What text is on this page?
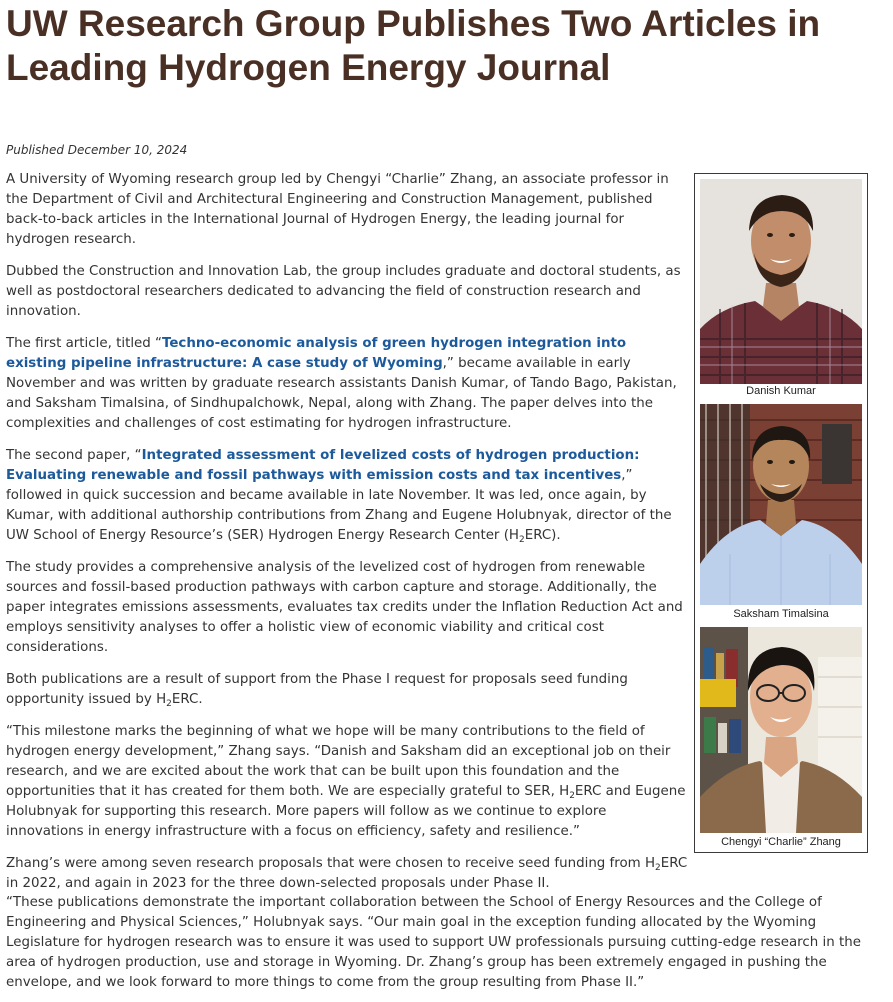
UW Research Group Publishes Two Articles in Leading Hydrogen Energy Journal
Published December 10, 2024

A University of Wyoming research group led by Chengyi “Charlie” Zhang, an associate professor in the Department of Civil and Architectural Engineering and Construction Management, published back-to-back articles in the International Journal of Hydrogen Energy, the leading journal for hydrogen research.

Dubbed the Construction and Innovation Lab, the group includes graduate and doctoral students, as well as postdoctoral researchers dedicated to advancing the field of construction research and innovation.

The first article, titled “Techno-economic analysis of green hydrogen integration into existing pipeline infrastructure: A case study of Wyoming,” became available in early November and was written by graduate research assistants Danish Kumar, of Tando Bago, Pakistan, and Saksham Timalsina, of Sindhupalchowk, Nepal, along with Zhang. The paper delves into the complexities and challenges of cost estimating for hydrogen infrastructure.

The second paper, “Integrated assessment of levelized costs of hydrogen production: Evaluating renewable and fossil pathways with emission costs and tax incentives,” followed in quick succession and became available in late November. It was led, once again, by Kumar, with additional authorship contributions from Zhang and Eugene Holubnyak, director of the UW School of Energy Resource’s (SER) Hydrogen Energy Research Center $(H_2ERC)$.

The study provides a comprehensive analysis of the levelized cost of hydrogen from renewable sources and fossil-based production pathways with carbon capture and storage. Additionally, the paper integrates emissions assessments, evaluates tax credits under the Inflation Reduction Act and employs sensitivity analyses to offer a holistic view of economic viability and critical cost considerations.

Both publications are a result of support from the Phase I request for proposals seed funding opportunity issued by $H_2ERC$.

“This milestone marks the beginning of what we hope will be many contributions to the field of hydrogen energy development,” Zhang says. “Danish and Saksham did an exceptional job on their research, and we are excited about the work that can be built upon this foundation and the opportunities that it has created for them both. We are especially grateful to SER, $H_2ERC$ and Eugene Holubnyak for supporting this research. More papers will follow as we continue to explore innovations in energy infrastructure with a focus on efficiency, safety and resilience.”

Zhang’s were among seven research proposals that were chosen to receive seed funding from $H_2ERC$ in 2022, and again in 2023 for the three down-selected proposals under Phase II.

“These publications demonstrate the important collaboration between the School of Energy Resources and the College of Engineering and Physical Sciences,” Holubnyak says. “Our main goal in the exception funding allocated by the Wyoming Legislature for hydrogen research was to ensure it was used to support UW professionals pursuing cutting-edge research in the area of hydrogen production, use and storage in Wyoming. Dr. Zhang’s group has been extremely engaged in pushing the envelope, and we look forward to more things to come from the group resulting from Phase II.”

Danish Kumar
Saksham Timalsina
Chengyi “Charlie” Zhang
